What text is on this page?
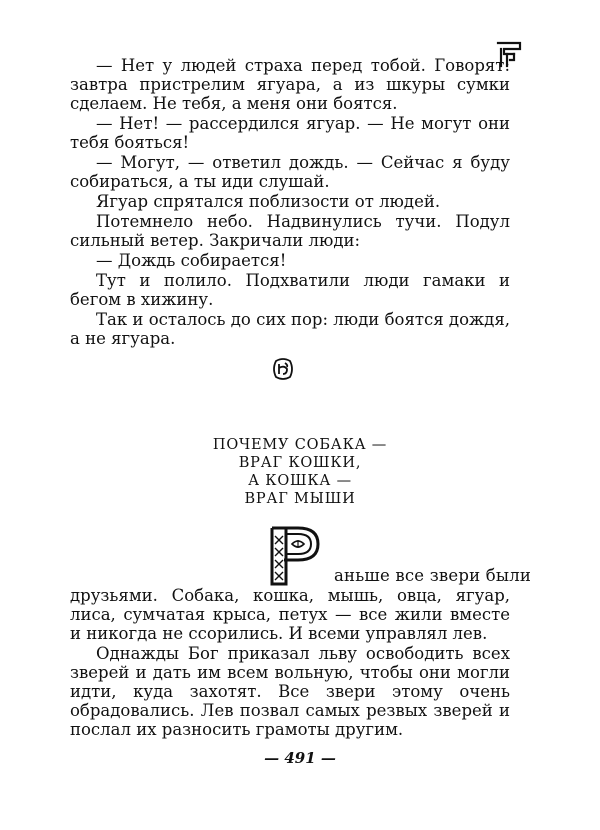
— Нет у людей страха перед тобой. Говорят: завтра пристрелим ягуара, а из шкуры сумки сделаем. Не тебя, а меня они боятся.

— Нет! — рассердился ягуар. — Не могут они тебя бояться!

— Могут, — ответил дождь. — Сейчас я буду собираться, а ты иди слушай.

Ягуар спрятался поблизости от людей.

Потемнело небо. Надвинулись тучи. Подул сильный ветер. Закричали люди:

— Дождь собирается!

Тут и полило. Подхватили люди гамаки и бегом в хижину.

Так и осталось до сих пор: люди боятся дождя, а не ягуара.

ПОЧЕМУ СОБАКА —
ВРАГ КОШКИ,
А КОШКА —
ВРАГ МЫШИ
Р	аньше все звери были

друзьями. Собака, кошка, мышь, овца, ягуар, лиса, сумчатая крыса, петух — все жили вместе и никогда не ссорились. И всеми управлял лев.

Однажды Бог приказал льву освободить всех зверей и дать им всем вольную, чтобы они могли идти, куда захотят. Все звери этому очень обрадовались. Лев позвал самых резвых зверей и послал их разносить грамоты другим.

— 491 —
